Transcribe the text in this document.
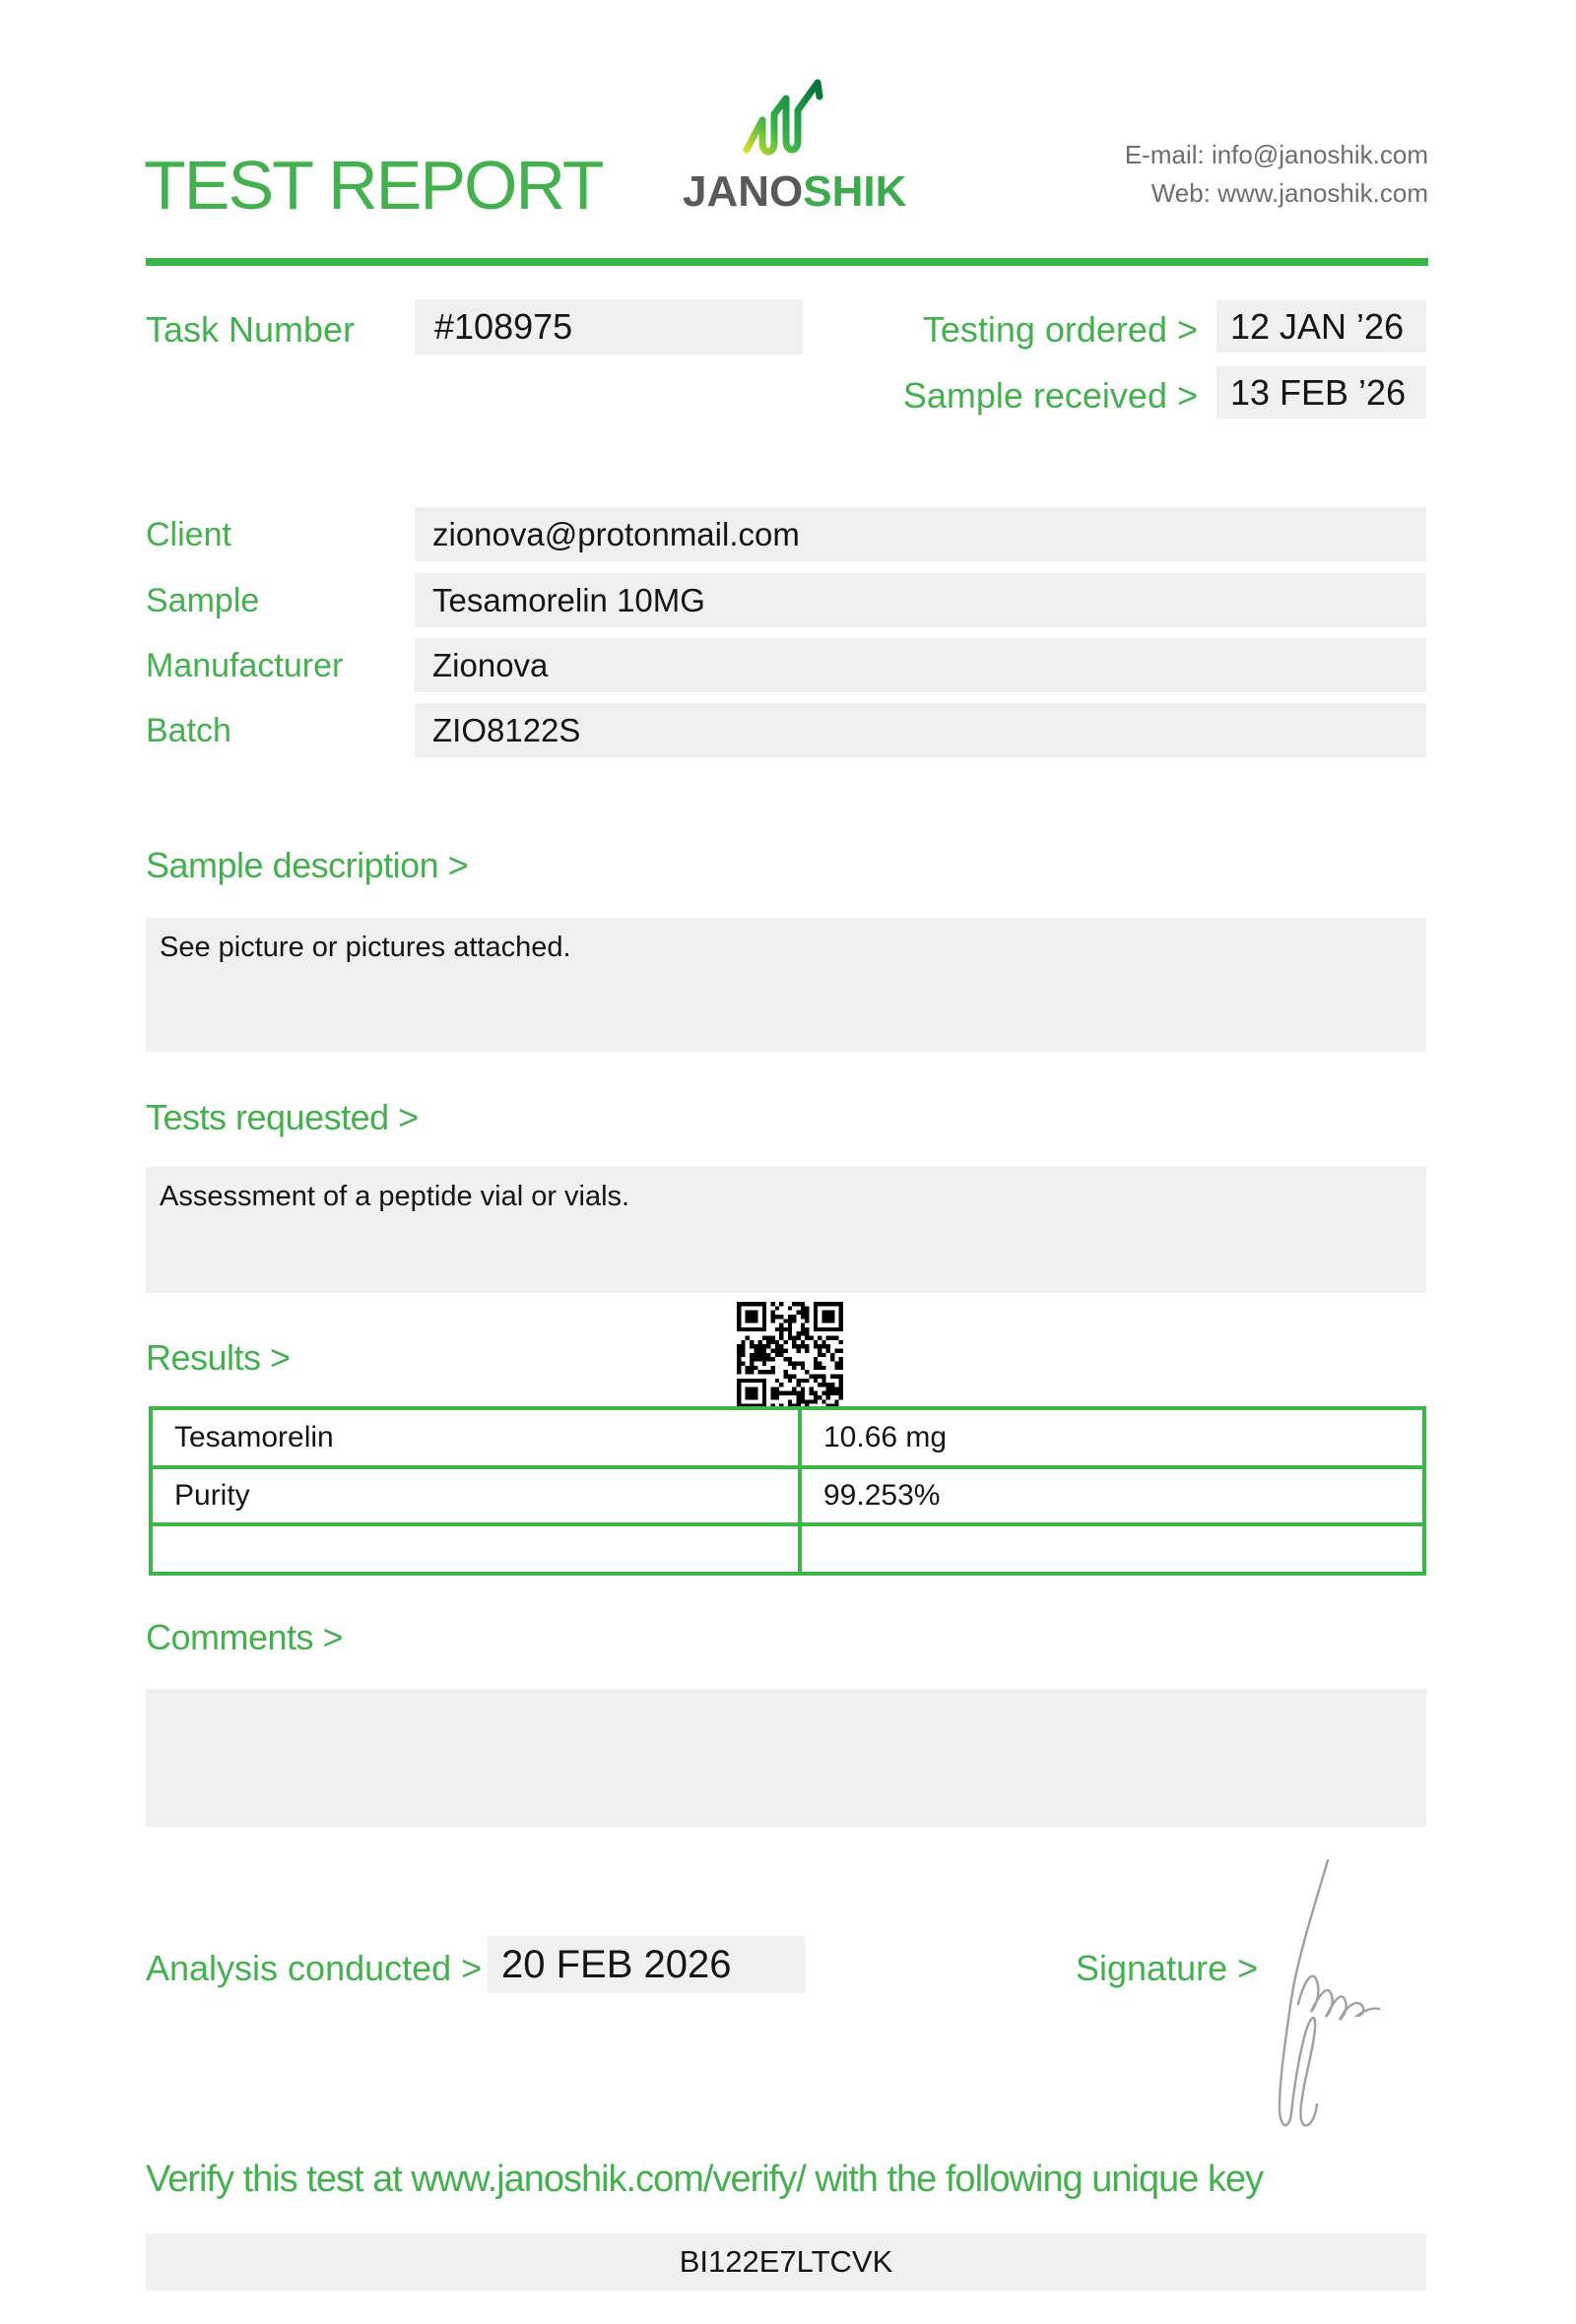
TEST REPORT JANOSHIK
E-mail: info@janoshik.com
Web: www.janoshik.com
Task Number	#108975	Testing ordered > 12 JAN ’26
Sample received > 13 FEB ’26
Client	zionova@protonmail.com
Sample	Tesamorelin 10MG
Manufacturer	Zionova
Batch	ZIO8122S
Sample description >
See picture or pictures attached.
Tests requested >
Assessment of a peptide vial or vials.
Results >
Tesamorelin	10.66 mg
Purity	99.253%
Comments >
Analysis conducted > 20 FEB 2026	Signature >
Verify this test at www.janoshik.com/verify/ with the following unique key
BI122E7LTCVK
